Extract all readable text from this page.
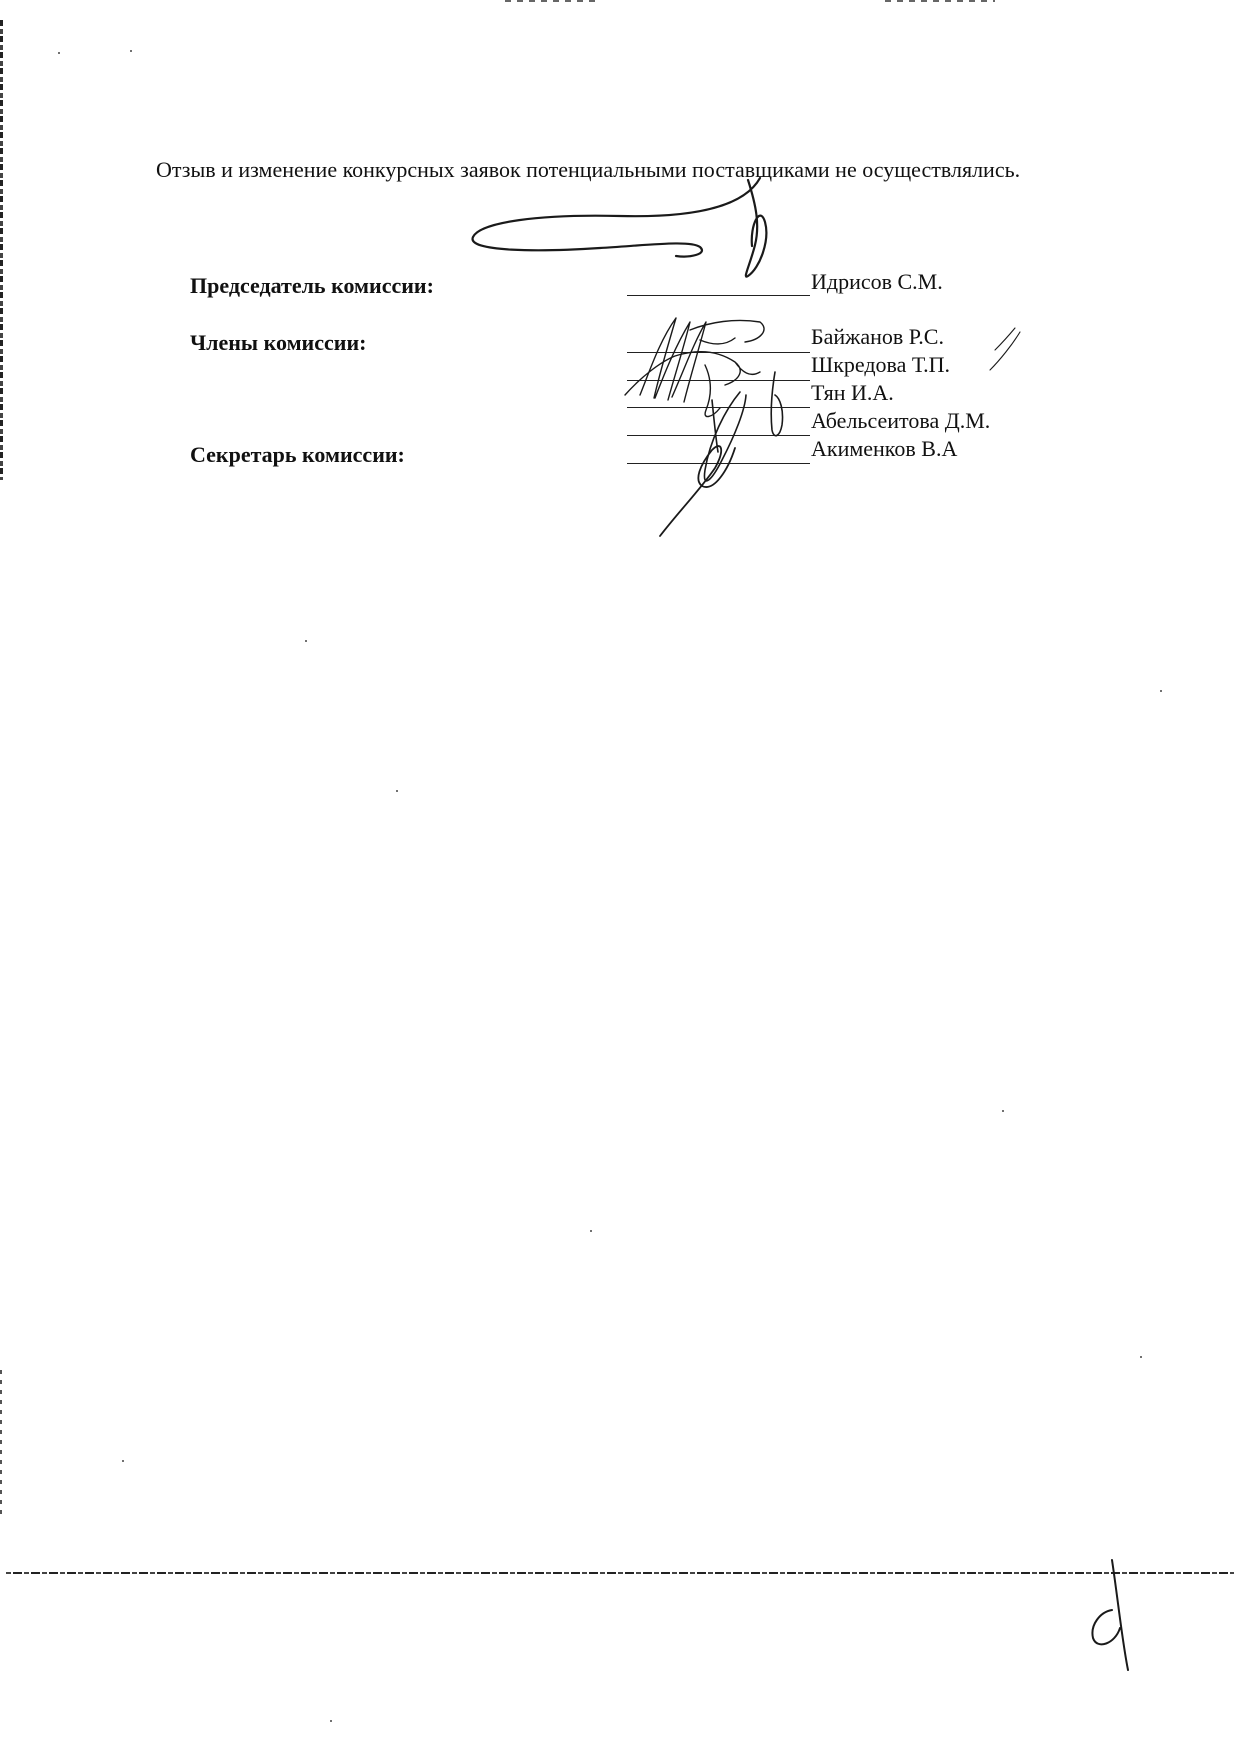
Отзыв и изменение конкурсных заявок потенциальными поставщиками не осуществлялись.
Председатель комиссии:
Члены комиссии:
Секретарь комиссии:
Идрисов С.М.
Байжанов Р.С.
Шкредова Т.П.
Тян И.А.
Абельсеитова Д.М.
Акименков В.А
